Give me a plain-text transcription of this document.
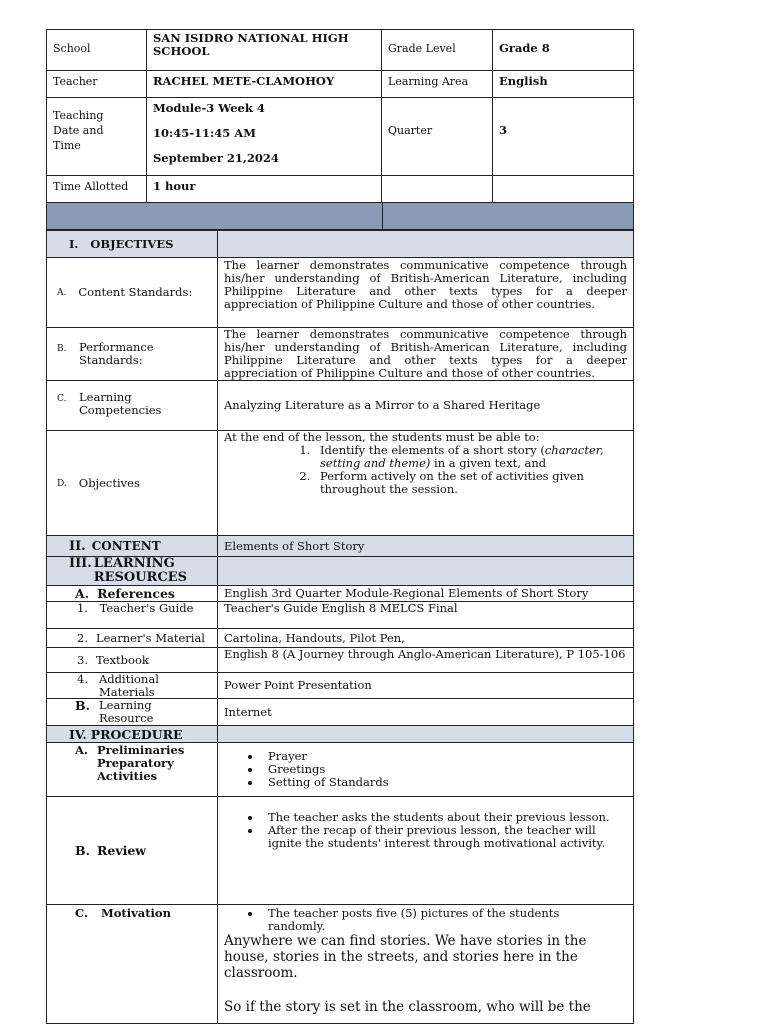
School
SAN ISIDRO NATIONAL HIGH SCHOOL	Grade Level	Grade 8
Teacher	RACHEL METE-CLAMOHOY	Learning Area	English
Teaching Date and Time
Module-3 Week 4
10:45-11:45 AM
September 21,2024
Quarter	3
Time Allotted	1 hour
I. OBJECTIVES
A. Content Standards:
The learner demonstrates communicative competence through his/her understanding of British-American Literature, including Philippine Literature and other texts types for a deeper
appreciation of Philippine Culture and those of other countries.
B.	Performance Standards:
The learner demonstrates communicative competence through his/her understanding of British-American Literature, including Philippine Literature and other texts types for a deeper
appreciation of Philippine Culture and those of other countries.
C.	Learning Competencies	Analyzing Literature as a Mirror to a Shared Heritage
D. Objectives
At the end of the lesson, the students must be able to:
1. Identify the elements of a short story (character, setting and theme) in a given text, and
2. Perform actively on the set of activities given throughout the session.
II. CONTENT	Elements of Short Story
III. LEARNING RESOURCES
A. References	English 3rd Quarter Module-Regional Elements of Short Story
1. Teacher's Guide	Teacher's Guide English 8 MELCS Final
2. Learner's Material Cartolina, Handouts, Pilot Pen,
3. Textbook	English 8 (A Journey through Anglo-American Literature), P 105-106
4. Additional Materials	Power Point Presentation
B. Learning Resource	Internet
IV. PROCEDURE
A. Preliminaries Preparatory Activities
• Prayer
• Greetings
• Setting of Standards
B. Review
• The teacher asks the students about their previous lesson.
• After the recap of their previous lesson, the teacher will ignite the students' interest through motivational activity.
C. Motivation
•	The teacher posts five (5) pictures of the students randomly.
Anywhere we can find stories. We have stories in the house, stories in the streets, and stories here in the classroom.
So if the story is set in the classroom, who will be the
